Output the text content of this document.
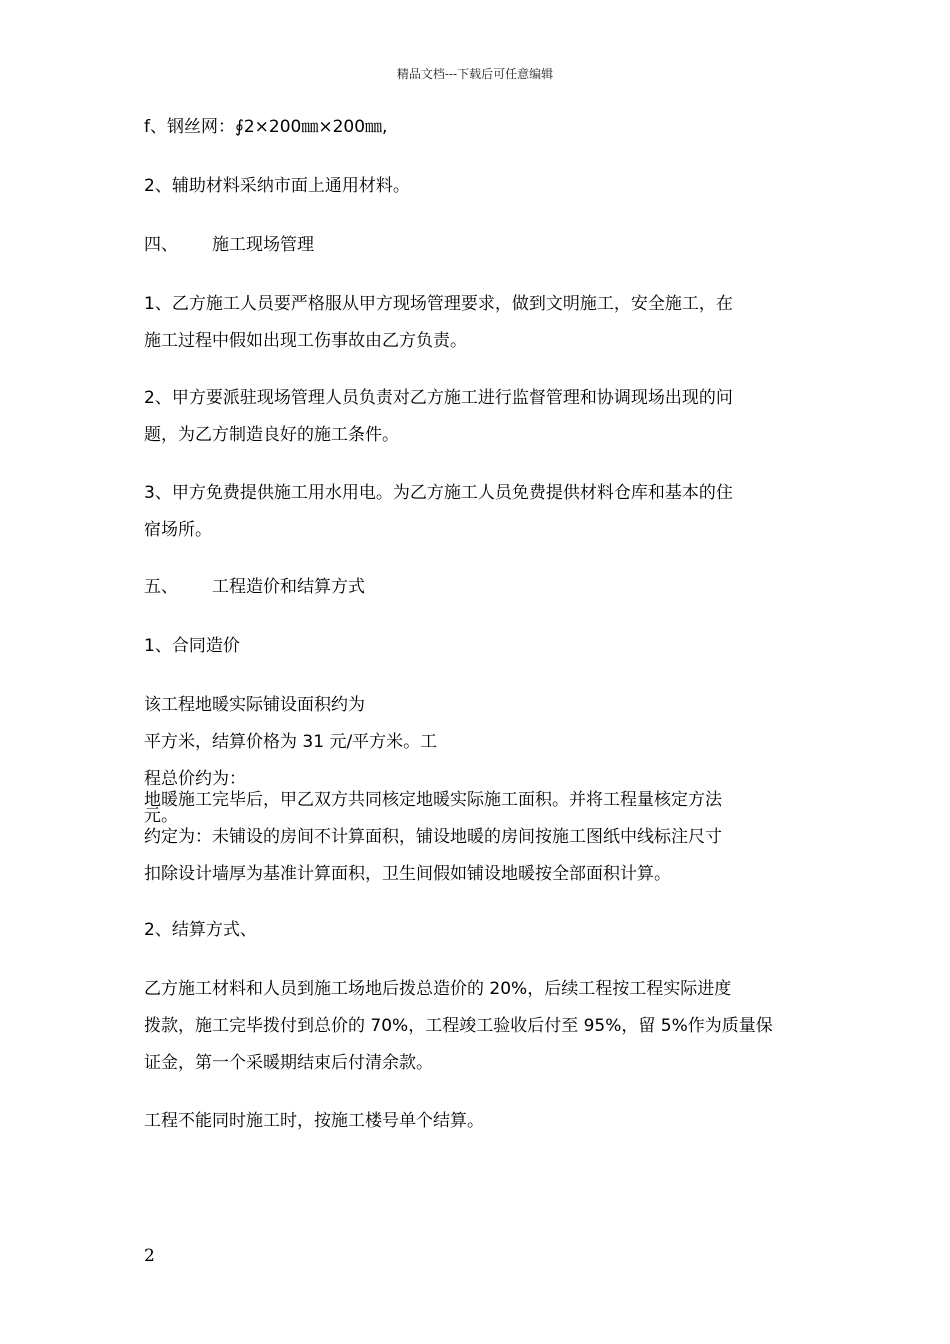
精品文档---下载后可任意编辑

f、钢丝网：∮2×200㎜×200㎜,

2、辅助材料采纳市面上通用材料。

四、 施工现场管理

1、乙方施工人员要严格服从甲方现场管理要求，做到文明施工，安全施工，在
施工过程中假如出现工伤事故由乙方负责。

2、甲方要派驻现场管理人员负责对乙方施工进行监督管理和协调现场出现的问
题，为乙方制造良好的施工条件。

3、甲方免费提供施工用水用电。为乙方施工人员免费提供材料仓库和基本的住
宿场所。

五、 工程造价和结算方式

1、合同造价

该工程地暖实际铺设面积约为
平方米，结算价格为 31 元/平方米。工
程总价约为：
元。

地暖施工完毕后，甲乙双方共同核定地暖实际施工面积。并将工程量核定方法
约定为：未铺设的房间不计算面积，铺设地暖的房间按施工图纸中线标注尺寸
扣除设计墙厚为基准计算面积，卫生间假如铺设地暖按全部面积计算。

2、结算方式、

乙方施工材料和人员到施工场地后拨总造价的 20%，后续工程按工程实际进度
拨款，施工完毕拨付到总价的 70%，工程竣工验收后付至 95%，留 5%作为质量保
证金，第一个采暖期结束后付清余款。

工程不能同时施工时，按施工楼号单个结算。

2
